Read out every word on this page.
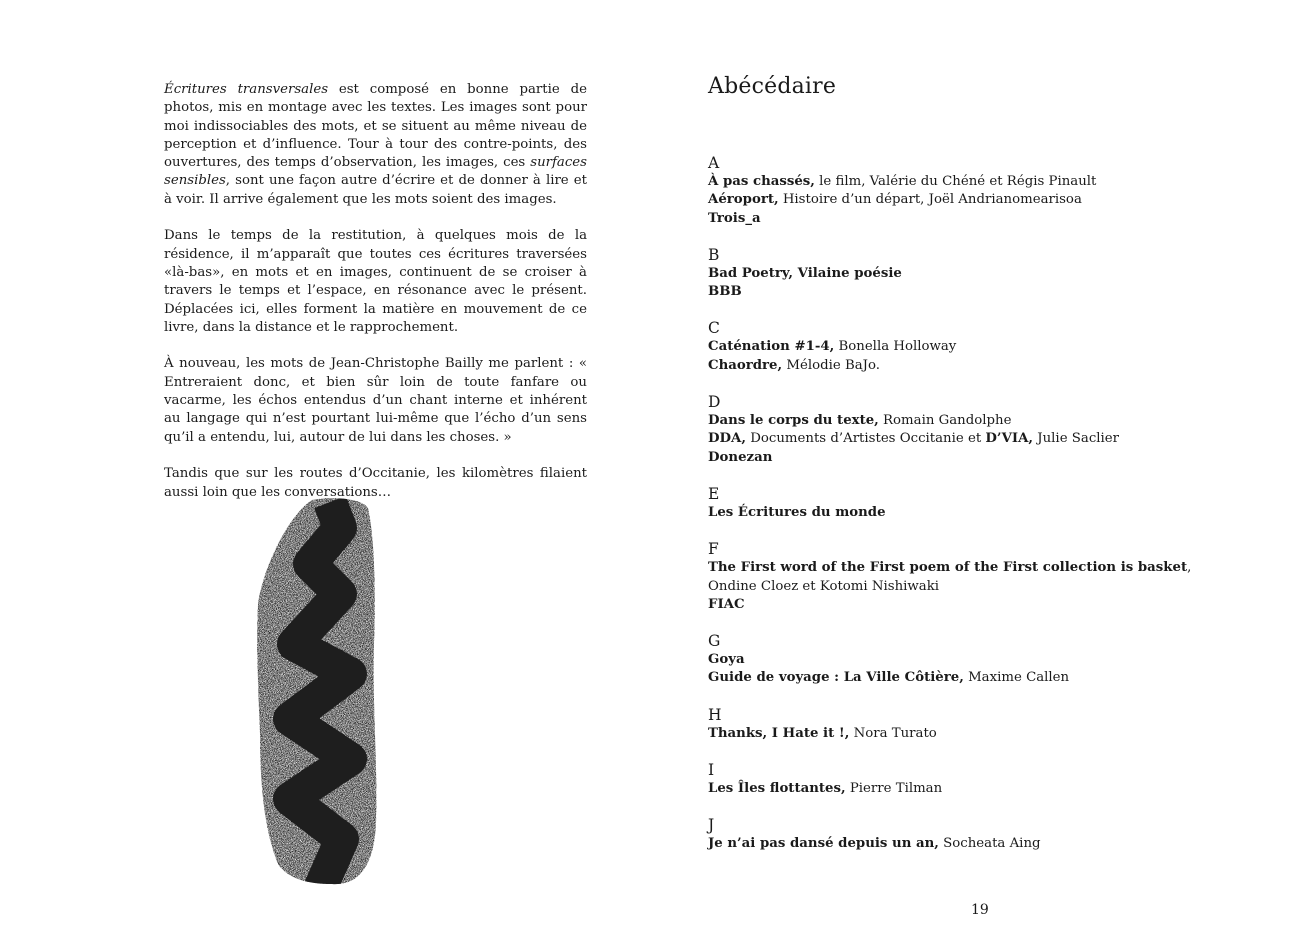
Écritures transversales est composé en bonne partie de photos, mis en montage avec les textes. Les images sont pour moi indissociables des mots, et se situent au même niveau de perception et d’influence. Tour à tour des contre-points, des ouvertures, des temps d’observation, les images, ces surfaces sensibles, sont une façon autre d’écrire et de donner à lire et à voir. Il arrive également que les mots soient des images.

Dans le temps de la restitution, à quelques mois de la résidence, il m’apparaît que toutes ces écritures traversées «là-bas», en mots et en images, continuent de se croiser à travers le temps et l’espace, en résonance avec le présent. Déplacées ici, elles forment la matière en mouvement de ce livre, dans la distance et le rapprochement.

À nouveau, les mots de Jean-Christophe Bailly me parlent : « Entreraient donc, et bien sûr loin de toute fanfare ou vacarme, les échos entendus d’un chant interne et inhérent au langage qui n’est pourtant lui-même que l’écho d’un sens qu’il a entendu, lui, autour de lui dans les choses. »

Tandis que sur les routes d’Occitanie, les kilomètres filaient aussi loin que les conversations…

Abécédaire
A
À pas chassés, le film, Valérie du Chéné et Régis Pinault
Aéroport, Histoire d’un départ, Joël Andrianomearisoa
Trois_a
B
Bad Poetry, Vilaine poésie
BBB
C
Caténation #1-4, Bonella Holloway
Chaordre, Mélodie BaJo.
D
Dans le corps du texte, Romain Gandolphe
DDA, Documents d’Artistes Occitanie et D’VIA, Julie Saclier
Donezan
E
Les Écritures du monde
F
The First word of the First poem of the First collection is basket,
Ondine Cloez et Kotomi Nishiwaki
FIAC
G
Goya
Guide de voyage : La Ville Côtière, Maxime Callen
H
Thanks, I Hate it !, Nora Turato
I
Les Îles flottantes, Pierre Tilman
J
Je n’ai pas dansé depuis un an, Socheata Aing
19
